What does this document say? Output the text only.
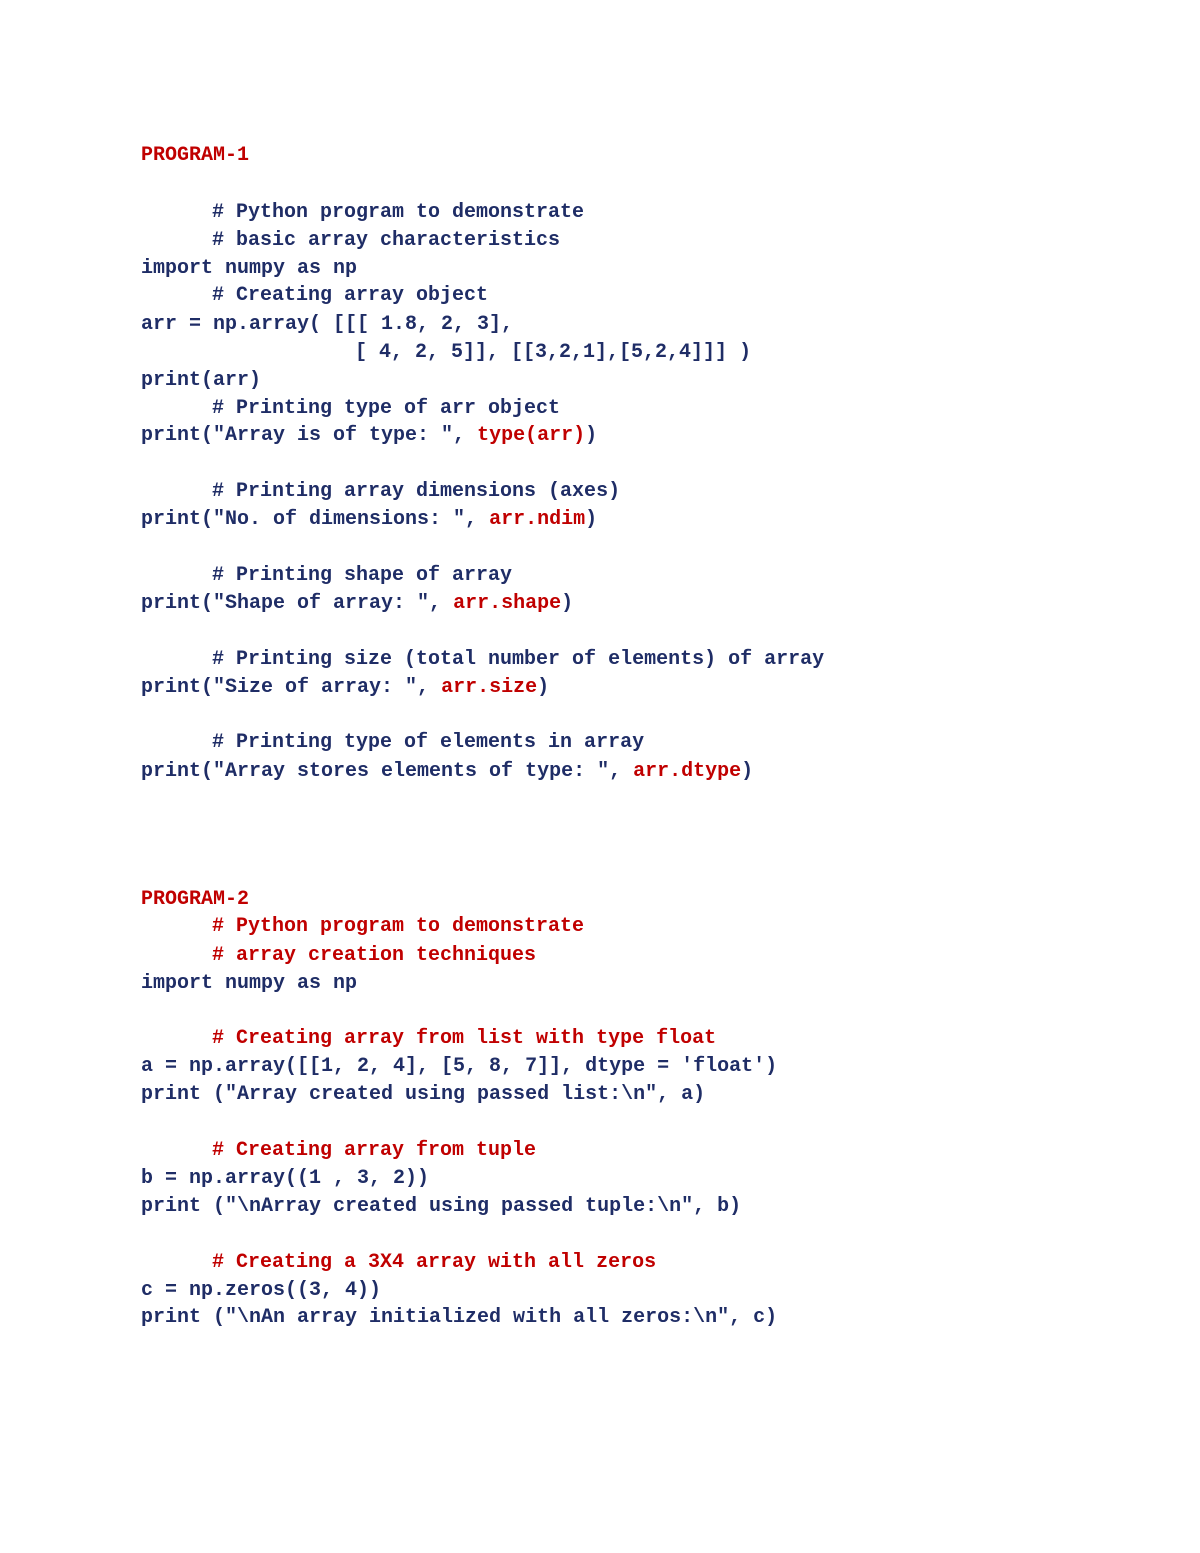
PROGRAM-1

# Python program to demonstrate

# basic array characteristics

import numpy as np

# Creating array object

arr = np.array( [[[ 1.8, 2, 3],

[ 4, 2, 5]], [[3,2,1],[5,2,4]]] )

print(arr)

# Printing type of arr object

print("Array is of type: ", type(arr))

# Printing array dimensions (axes)

print("No. of dimensions: ", arr.ndim)

# Printing shape of array

print("Shape of array: ", arr.shape)

# Printing size (total number of elements) of array

print("Size of array: ", arr.size)

# Printing type of elements in array

print("Array stores elements of type: ", arr.dtype)

PROGRAM-2

# Python program to demonstrate

# array creation techniques

import numpy as np

# Creating array from list with type float

a = np.array([[1, 2, 4], [5, 8, 7]], dtype = 'float')

print ("Array created using passed list:\n", a)

# Creating array from tuple

b = np.array((1 , 3, 2))

print ("\nArray created using passed tuple:\n", b)

# Creating a 3X4 array with all zeros

c = np.zeros((3, 4))

print ("\nAn array initialized with all zeros:\n", c)
